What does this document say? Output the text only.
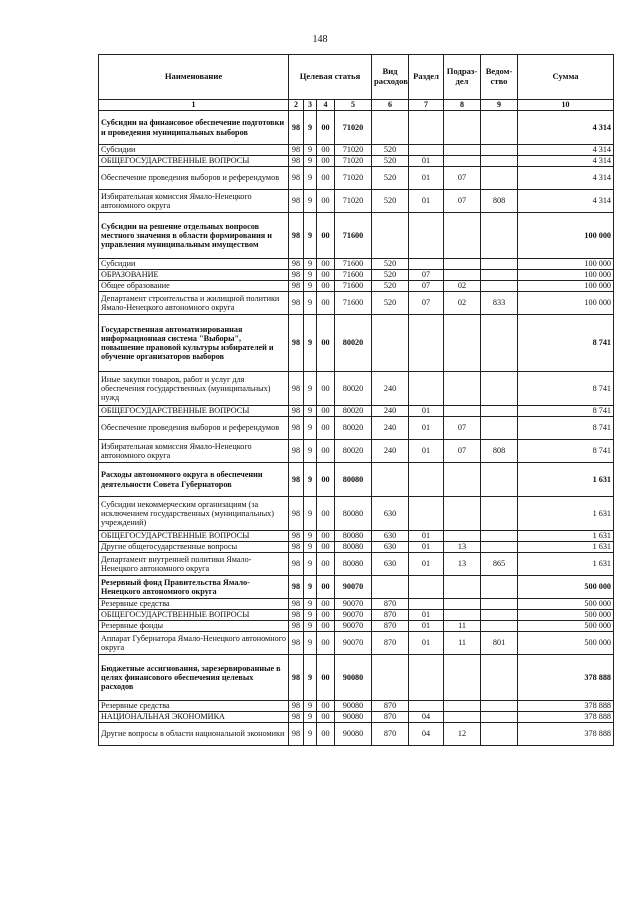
148
Наименование	Целевая статья				Вид расходов	Раздел	Подраз-дел	Ведом-ство	Сумма
1	2	3	4	5	6	7	8	9	10
Субсидии на финансовое обеспечение подготовки и проведения муниципальных выборов	98	9	00	71020					4 314
Субсидии	98	9	00	71020	520				4 314
ОБЩЕГОСУДАРСТВЕННЫЕ ВОПРОСЫ	98	9	00	71020	520	01			4 314
Обеспечение проведения выборов и референдумов	98	9	00	71020	520	01	07		4 314
Избирательная комиссия Ямало-Ненецкого автономного округа	98	9	00	71020	520	01	07	808	4 314
Субсидии на решение отдельных вопросов местного значения в области формирования и управления муниципальным имуществом	98	9	00	71600					100 000
Субсидии	98	9	00	71600	520				100 000
ОБРАЗОВАНИЕ	98	9	00	71600	520	07			100 000
Общее образование	98	9	00	71600	520	07	02		100 000
Департамент строительства и жилищной политики Ямало-Ненецкого автономного округа	98	9	00	71600	520	07	02	833	100 000
Государственная автоматизированная информационная система "Выборы", повышение правовой культуры избирателей и обучение организаторов выборов	98	9	00	80020					8 741
Иные закупки товаров, работ и услуг для обеспечения государственных (муниципальных) нужд	98	9	00	80020	240				8 741
ОБЩЕГОСУДАРСТВЕННЫЕ ВОПРОСЫ	98	9	00	80020	240	01			8 741
Обеспечение проведения выборов и референдумов	98	9	00	80020	240	01	07		8 741
Избирательная комиссия Ямало-Ненецкого автономного округа	98	9	00	80020	240	01	07	808	8 741
Расходы автономного округа в обеспечении деятельности Совета Губернаторов	98	9	00	80080					1 631
Субсидии некоммерческим организациям (за исключением государственных (муниципальных) учреждений)	98	9	00	80080	630				1 631
ОБЩЕГОСУДАРСТВЕННЫЕ ВОПРОСЫ	98	9	00	80080	630	01			1 631
Другие общегосударственные вопросы	98	9	00	80080	630	01	13		1 631
Департамент внутренней политики Ямало-Ненецкого автономного округа	98	9	00	80080	630	01	13	865	1 631
Резервный фонд Правительства Ямало-Ненецкого автономного округа	98	9	00	90070					500 000
Резервные средства	98	9	00	90070	870				500 000
ОБЩЕГОСУДАРСТВЕННЫЕ ВОПРОСЫ	98	9	00	90070	870	01			500 000
Резервные фонды	98	9	00	90070	870	01	11		500 000
Аппарат Губернатора Ямало-Ненецкого автономного округа	98	9	00	90070	870	01	11	801	500 000
Бюджетные ассигнования, зарезервированные в целях финансового обеспечения целевых расходов	98	9	00	90080					378 888
Резервные средства	98	9	00	90080	870				378 888
НАЦИОНАЛЬНАЯ ЭКОНОМИКА	98	9	00	90080	870	04			378 888
Другие вопросы в области национальной экономики	98	9	00	90080	870	04	12		378 888
